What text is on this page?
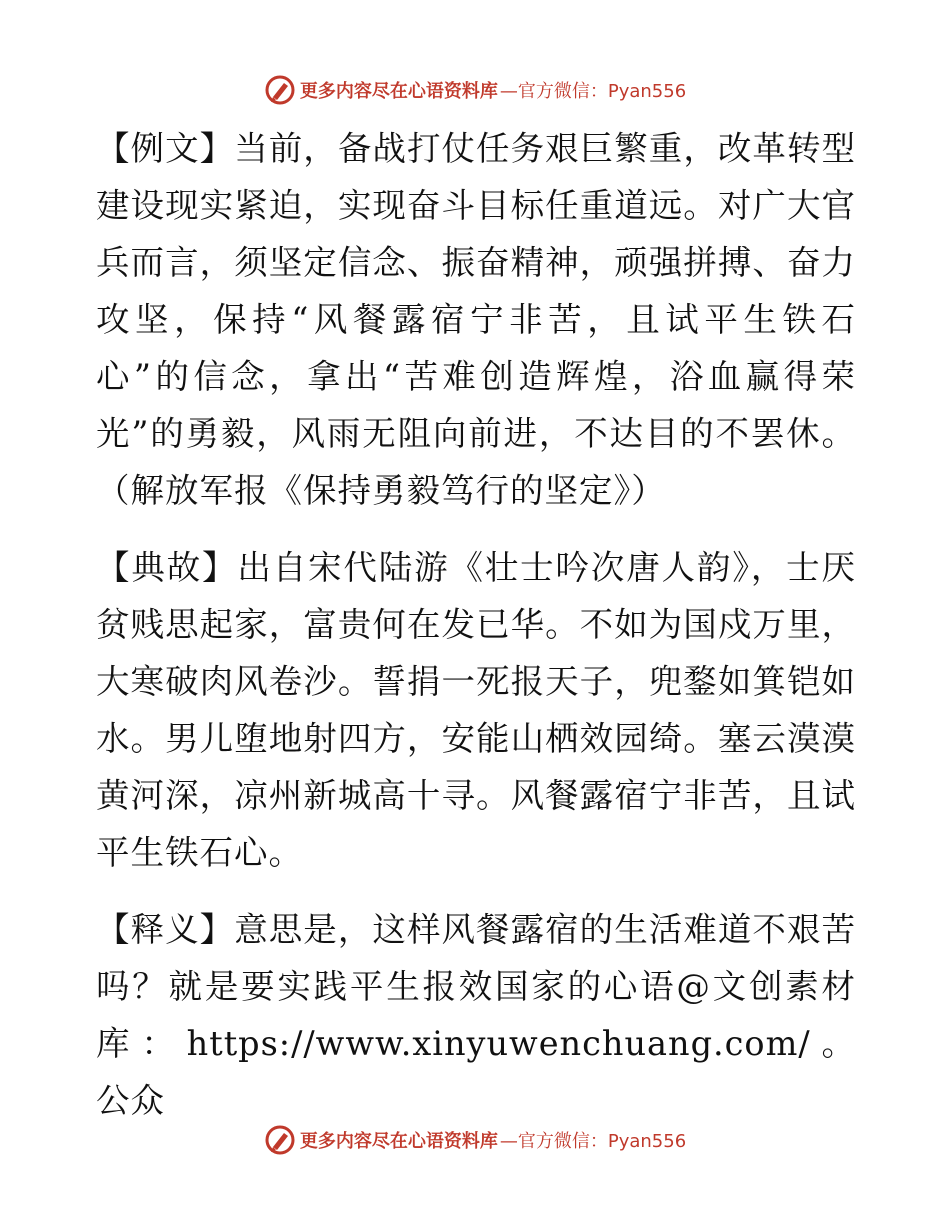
更多内容尽在心语资料库 —官方微信：Pyan556

【例文】当前，备战打仗任务艰巨繁重，改革转型建设现实紧迫，实现奋斗目标任重道远。对广大官兵而言，须坚定信念、振奋精神，顽强拼搏、奋力攻坚，保持“风餐露宿宁非苦，且试平生铁石心”的信念，拿出“苦难创造辉煌，浴血赢得荣光”的勇毅，风雨无阻向前进，不达目的不罢休。（解放军报《保持勇毅笃行的坚定》）

【典故】出自宋代陆游《壮士吟次唐人韵》，士厌贫贱思起家，富贵何在发已华。不如为国戍万里，大寒破肉风卷沙。誓捐一死报天子，兜鍪如箕铠如水。男儿堕地射四方，安能山栖效园绮。塞云漠漠黄河深，凉州新城高十寻。风餐露宿宁非苦，且试平生铁石心。

【释义】意思是，这样风餐露宿的生活难道不艰苦吗？就是要实践平生报效国家的心语@文创素材库：https://www.xinyuwenchuang.com/。公众

更多内容尽在心语资料库 —官方微信：Pyan556
